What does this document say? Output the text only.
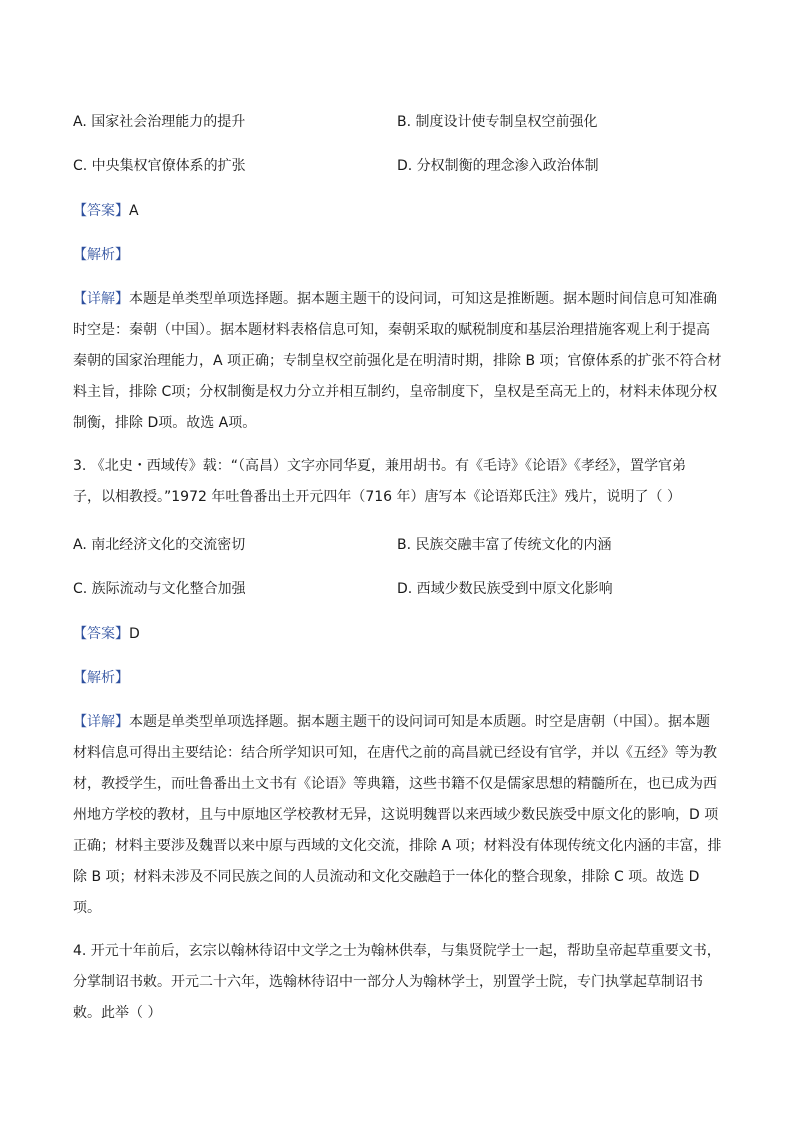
A. 国家社会治理能力的提升	B. 制度设计使专制皇权空前强化
C. 中央集权官僚体系的扩张	D. 分权制衡的理念渗入政治体制
【答案】A
【解析】

【详解】本题是单类型单项选择题。据本题主题干的设问词，可知这是推断题。据本题时间信息可知准确

时空是：秦朝（中国）。据本题材料表格信息可知，秦朝采取的赋税制度和基层治理措施客观上利于提高

秦朝的国家治理能力，A 项正确；专制皇权空前强化是在明清时期，排除 B 项；官僚体系的扩张不符合材

料主旨，排除 C项；分权制衡是权力分立并相互制约，皇帝制度下，皇权是至高无上的，材料未体现分权

制衡，排除 D项。故选 A项。

3. 《北史・西域传》载：“（高昌）文字亦同华夏，兼用胡书。有《毛诗》《论语》《孝经》，置学官弟

子，以相教授。”1972 年吐鲁番出土开元四年（716 年）唐写本《论语郑氏注》残片，说明了（ ）

A. 南北经济文化的交流密切	B. 民族交融丰富了传统文化的内涵
C. 族际流动与文化整合加强	D. 西域少数民族受到中原文化影响
【答案】D
【解析】

【详解】本题是单类型单项选择题。据本题主题干的设问词可知是本质题。时空是唐朝（中国）。据本题

材料信息可得出主要结论：结合所学知识可知，在唐代之前的高昌就已经设有官学，并以《五经》等为教

材，教授学生，而吐鲁番出土文书有《论语》等典籍，这些书籍不仅是儒家思想的精髓所在，也已成为西

州地方学校的教材，且与中原地区学校教材无异，这说明魏晋以来西域少数民族受中原文化的影响，D 项

正确；材料主要涉及魏晋以来中原与西域的文化交流，排除 A 项；材料没有体现传统文化内涵的丰富，排

除 B 项；材料未涉及不同民族之间的人员流动和文化交融趋于一体化的整合现象，排除 C 项。故选 D

项。

4. 开元十年前后，玄宗以翰林待诏中文学之士为翰林供奉，与集贤院学士一起，帮助皇帝起草重要文书，

分掌制诏书敕。开元二十六年，选翰林待诏中一部分人为翰林学士，别置学士院，专门执掌起草制诏书

敕。此举（ ）
